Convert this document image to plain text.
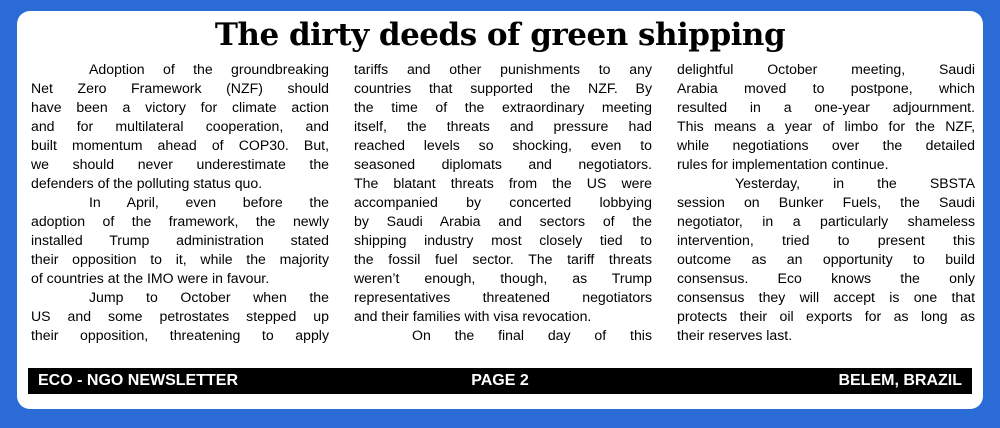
The dirty deeds of green shipping

Adoption of the groundbreaking

Net Zero Framework (NZF) should

have been a victory for climate action

and for multilateral cooperation, and

built momentum ahead of COP30. But,

we should never underestimate the

defenders of the polluting status quo.

In April, even before the

adoption of the framework, the newly

installed Trump administration stated

their opposition to it, while the majority

of countries at the IMO were in favour.

Jump to October when the

US and some petrostates stepped up

their opposition, threatening to apply

tariffs and other punishments to any

countries that supported the NZF. By

the time of the extraordinary meeting

itself, the threats and pressure had

reached levels so shocking, even to

seasoned diplomats and negotiators.

The blatant threats from the US were

accompanied by concerted lobbying

by Saudi Arabia and sectors of the

shipping industry most closely tied to

the fossil fuel sector. The tariff threats

weren’t enough, though, as Trump

representatives threatened negotiators

and their families with visa revocation.

On the final day of this

delightful October meeting, Saudi

Arabia moved to postpone, which

resulted in a one-year adjournment.

This means a year of limbo for the NZF,

while negotiations over the detailed

rules for implementation continue.

Yesterday, in the SBSTA

session on Bunker Fuels, the Saudi

negotiator, in a particularly shameless

intervention, tried to present this

outcome as an opportunity to build

consensus. Eco knows the only

consensus they will accept is one that

protects their oil exports for as long as

their reserves last.

PAGE 2
ECO - NGO NEWSLETTER	BELEM, BRAZIL
